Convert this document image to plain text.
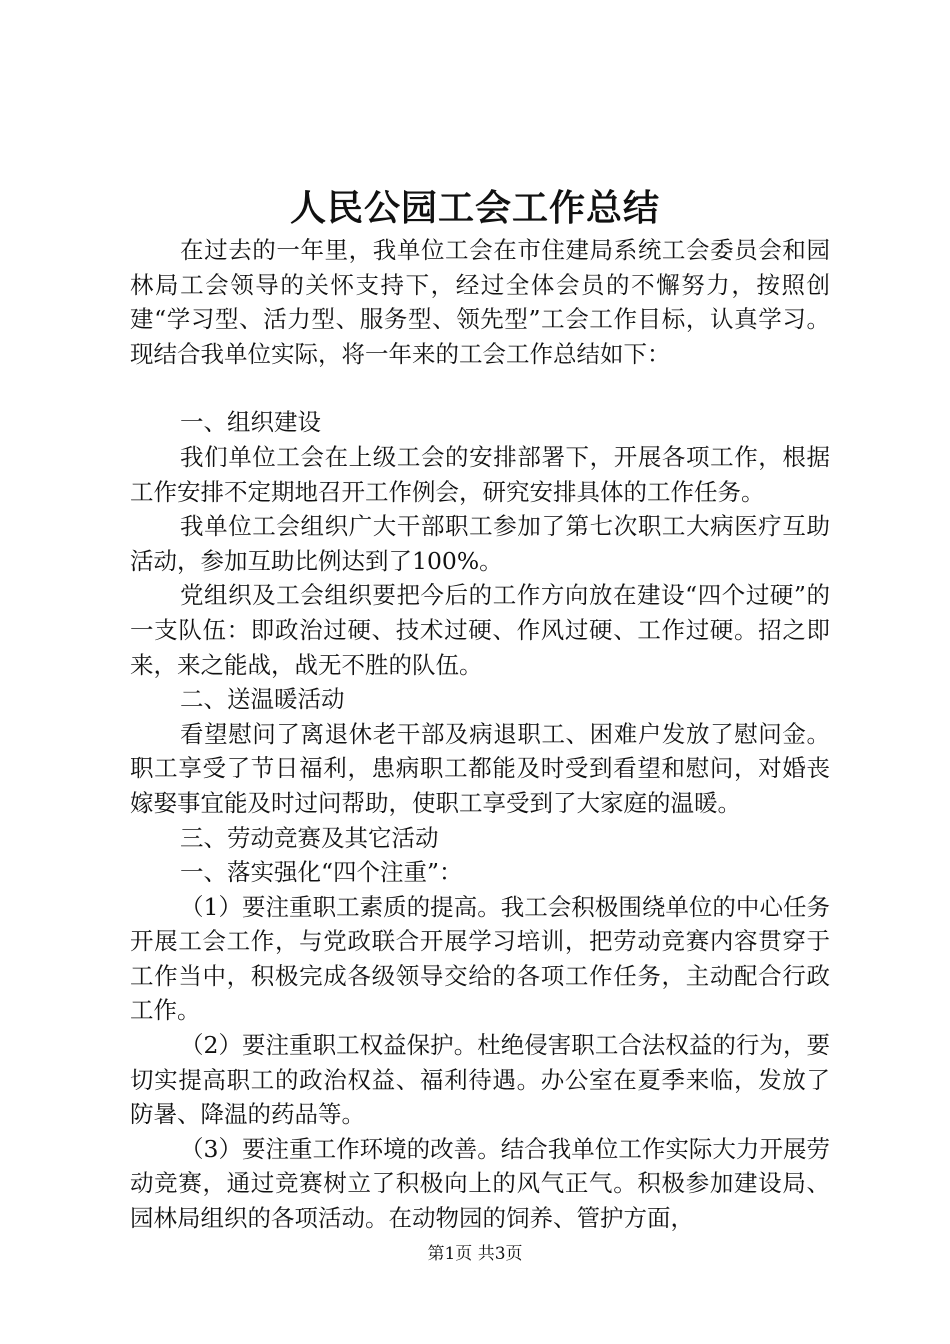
人民公园工会工作总结

在过去的一年里，我单位工会在市住建局系统工会委员会和园林局工会领导的关怀支持下，经过全体会员的不懈努力，按照创建“学习型、活力型、服务型、领先型”工会工作目标，认真学习。现结合我单位实际，将一年来的工会工作总结如下：

一、组织建设

我们单位工会在上级工会的安排部署下，开展各项工作，根据工作安排不定期地召开工作例会，研究安排具体的工作任务。

我单位工会组织广大干部职工参加了第七次职工大病医疗互助活动，参加互助比例达到了100%。

党组织及工会组织要把今后的工作方向放在建设“四个过硬”的一支队伍：即政治过硬、技术过硬、作风过硬、工作过硬。招之即来，来之能战，战无不胜的队伍。

二、送温暖活动

看望慰问了离退休老干部及病退职工、困难户发放了慰问金。职工享受了节日福利，患病职工都能及时受到看望和慰问，对婚丧嫁娶事宜能及时过问帮助，使职工享受到了大家庭的温暖。

三、劳动竞赛及其它活动

一、落实强化“四个注重”：

（1）要注重职工素质的提高。我工会积极围绕单位的中心任务开展工会工作，与党政联合开展学习培训，把劳动竞赛内容贯穿于工作当中，积极完成各级领导交给的各项工作任务，主动配合行政工作。

（2）要注重职工权益保护。杜绝侵害职工合法权益的行为，要切实提高职工的政治权益、福利待遇。办公室在夏季来临，发放了防暑、降温的药品等。

（3）要注重工作环境的改善。结合我单位工作实际大力开展劳动竞赛，通过竞赛树立了积极向上的风气正气。积极参加建设局、园林局组织的各项活动。在动物园的饲养、管护方面，

第1页 共3页
